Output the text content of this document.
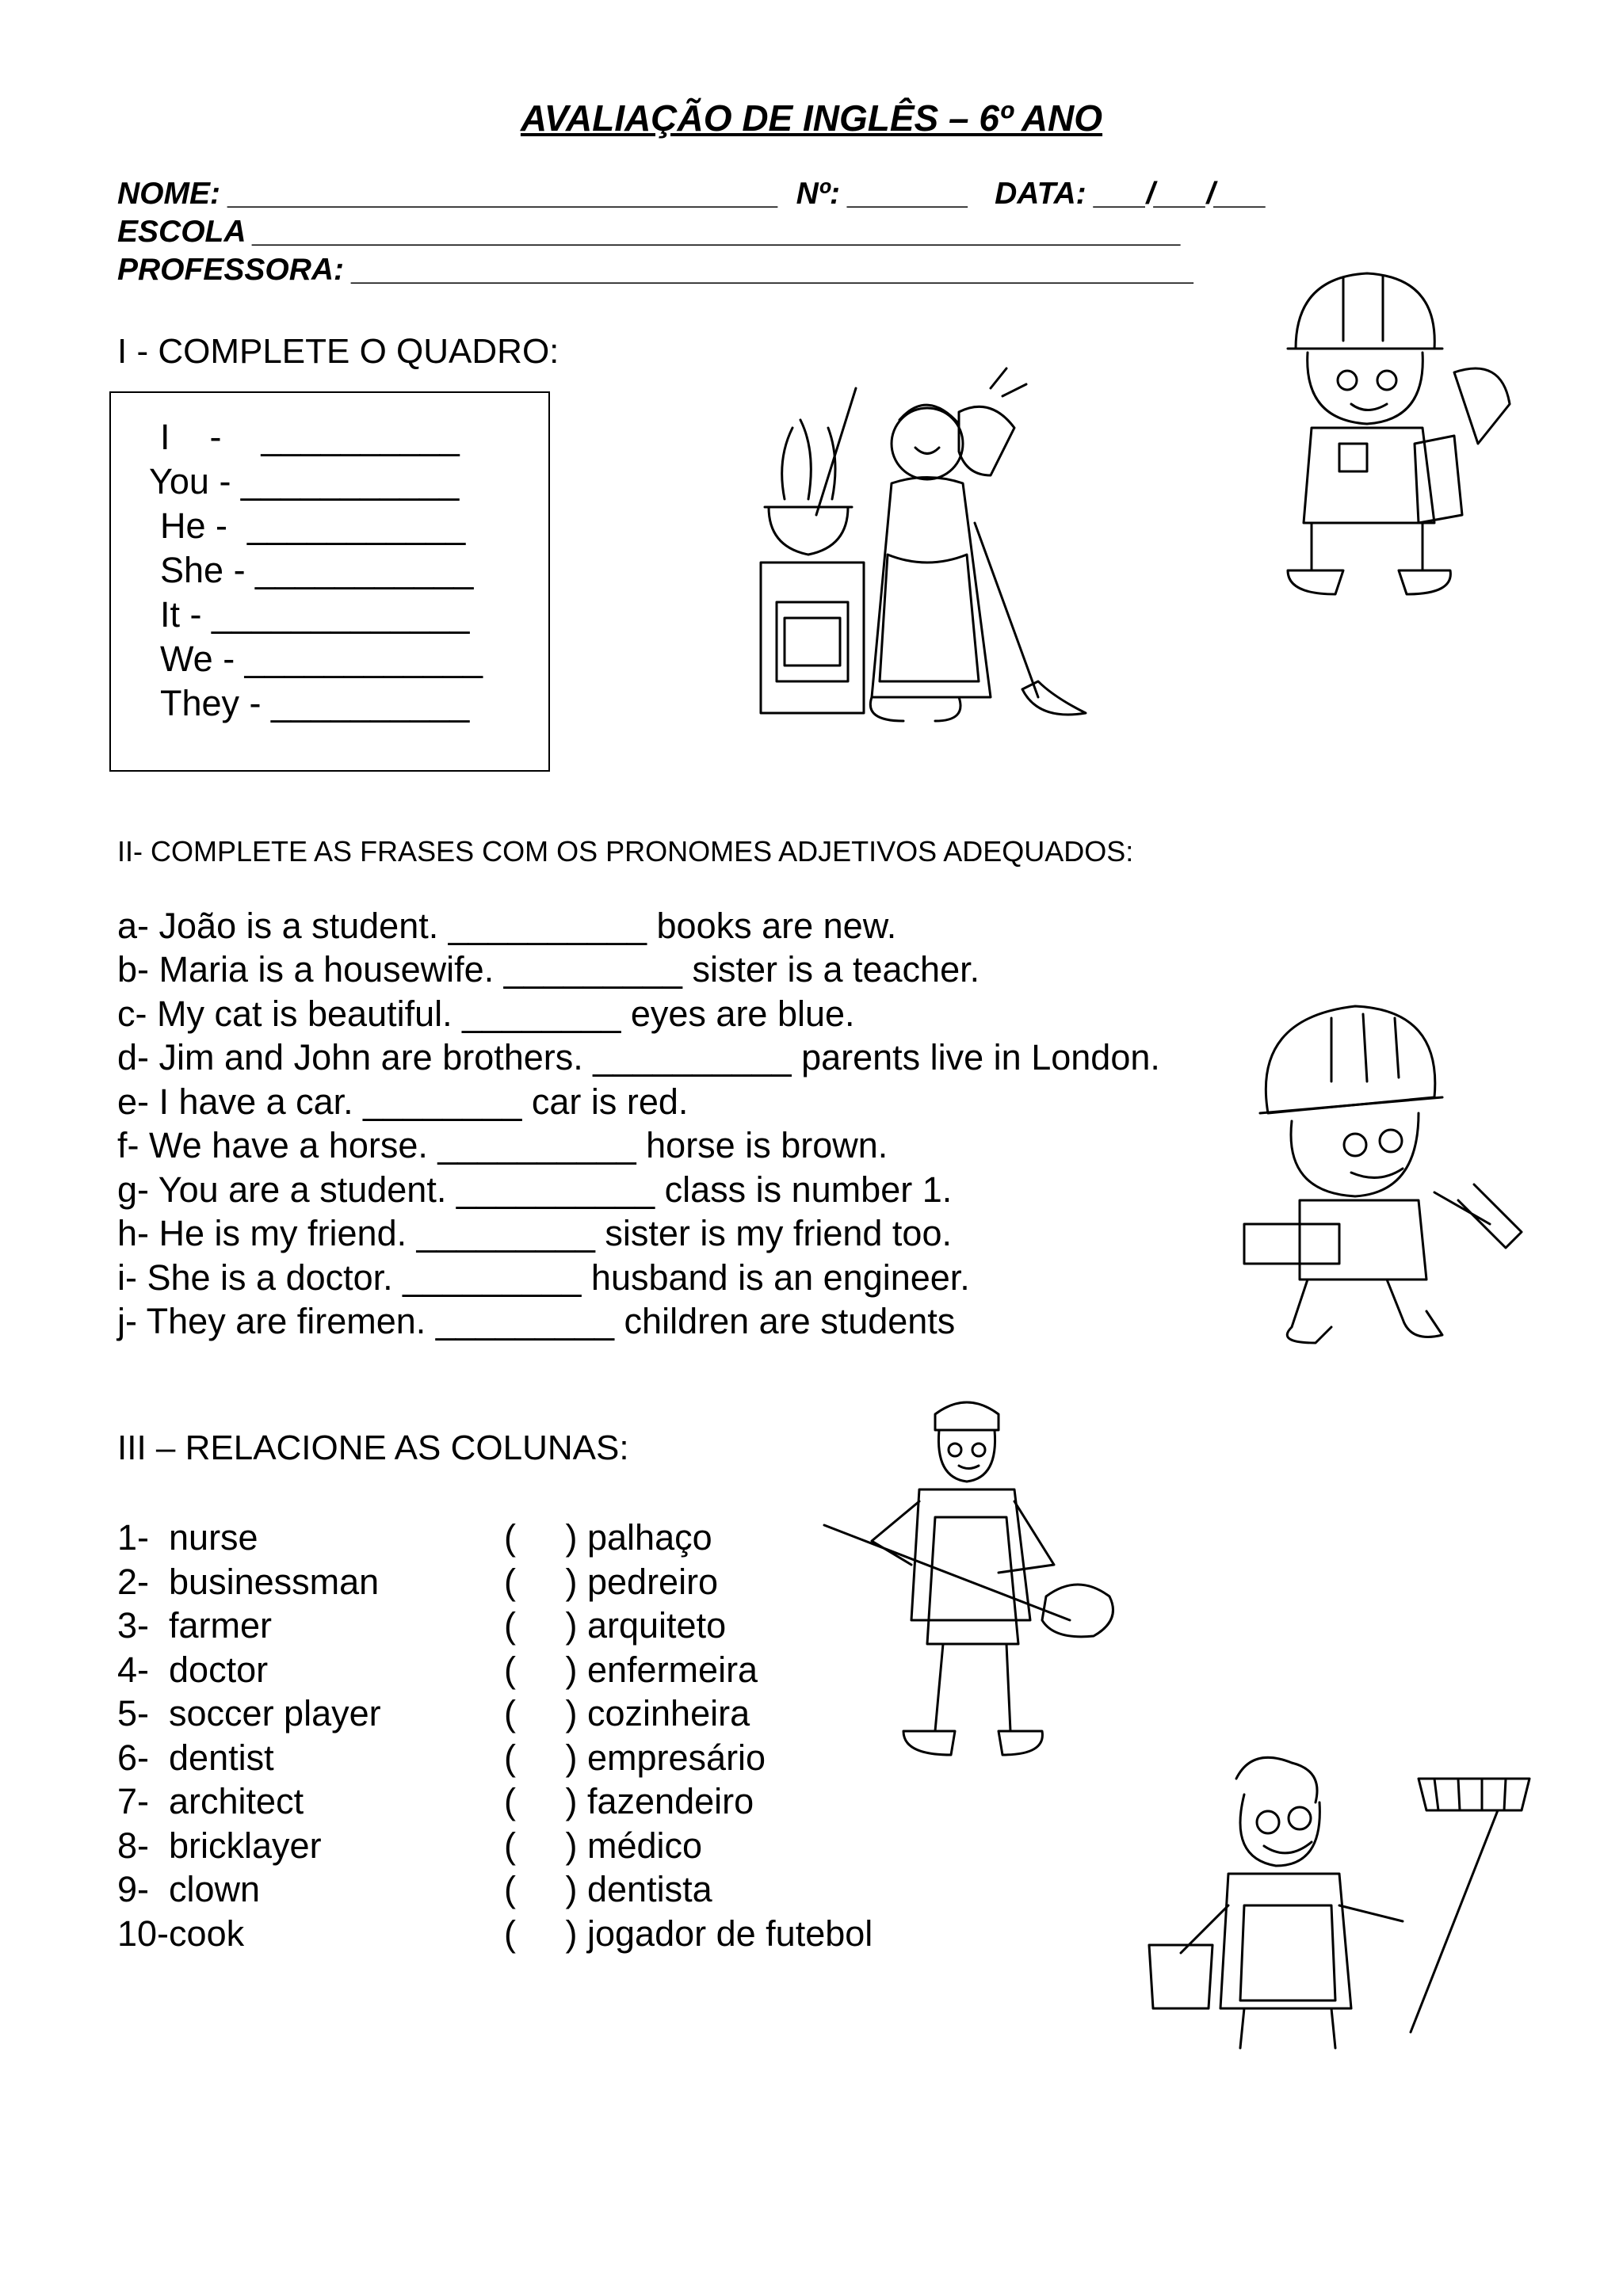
AVALIAÇÃO DE INGLÊS – 6º ANO
NOME: ________________________________  Nº: _______   DATA: ___/___/___
ESCOLA ______________________________________________________
PROFESSORA: _________________________________________________
I - COMPLETE O QUADRO:
I    -    __________
You - ___________
He -  ___________
She - ___________
It - _____________
We - ____________
They - __________
II- COMPLETE AS FRASES COM OS PRONOMES ADJETIVOS ADEQUADOS:
a- João is a student. __________ books are new.
b- Maria is a housewife. _________ sister is a teacher.
c- My cat is beautiful. ________ eyes are blue.
d- Jim and John are brothers. __________ parents live in London.
e- I have a car. ________ car is red.
f- We have a horse. __________ horse is brown.
g- You are a student. __________ class is number 1.
h- He is my friend. _________ sister is my friend too.
i- She is a doctor. _________ husband is an engineer.
j- They are firemen. _________ children are students
III – RELACIONE AS COLUNAS:
1-  nurse
2-  businessman
3-  farmer
4-  doctor
5-  soccer player
6-  dentist
7-  architect
8-  bricklayer
9-  clown
10-cook
(     ) palhaço
(     ) pedreiro
(     ) arquiteto
(     ) enfermeira
(     ) cozinheira
(     ) empresário
(     ) fazendeiro
(     ) médico
(     ) dentista
(     ) jogador de futebol
